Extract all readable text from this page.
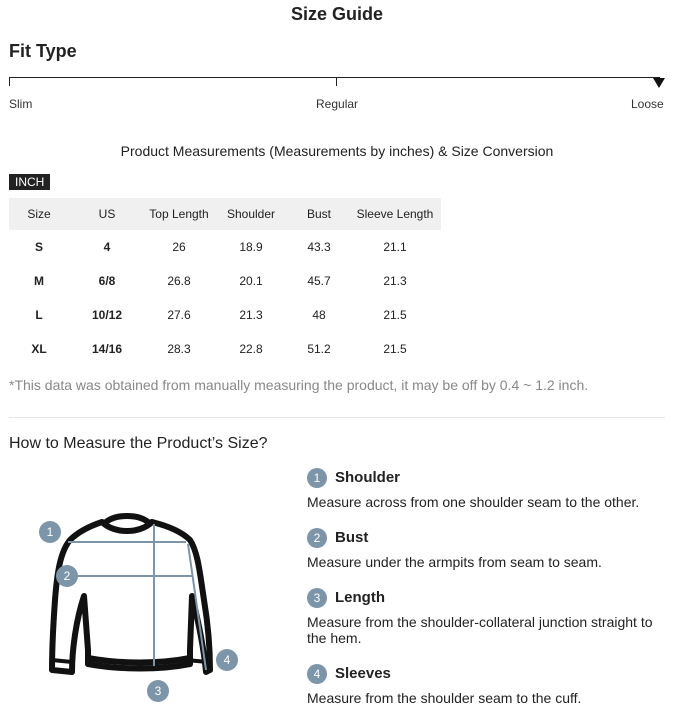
Size Guide
Fit Type
Slim	Regular	Loose
Product Measurements (Measurements by inches) & Size Conversion
INCH
Size	US	Top Length	Shoulder	Bust	Sleeve Length
S	4	26	18.9	43.3	21.1
M	6/8	26.8	20.1	45.7	21.3
L	10/12	27.6	21.3	48	21.5
XL	14/16	28.3	22.8	51.2	21.5
*This data was obtained from manually measuring the product, it may be off by 0.4 ~ 1.2 inch.
How to Measure the Product’s Size?
1
2
3
4
1 Shoulder
Measure across from one shoulder seam to the other.
2 Bust
Measure under the armpits from seam to seam.
3 Length
Measure from the shoulder-collateral junction straight to the hem.
4 Sleeves
Measure from the shoulder seam to the cuff.
